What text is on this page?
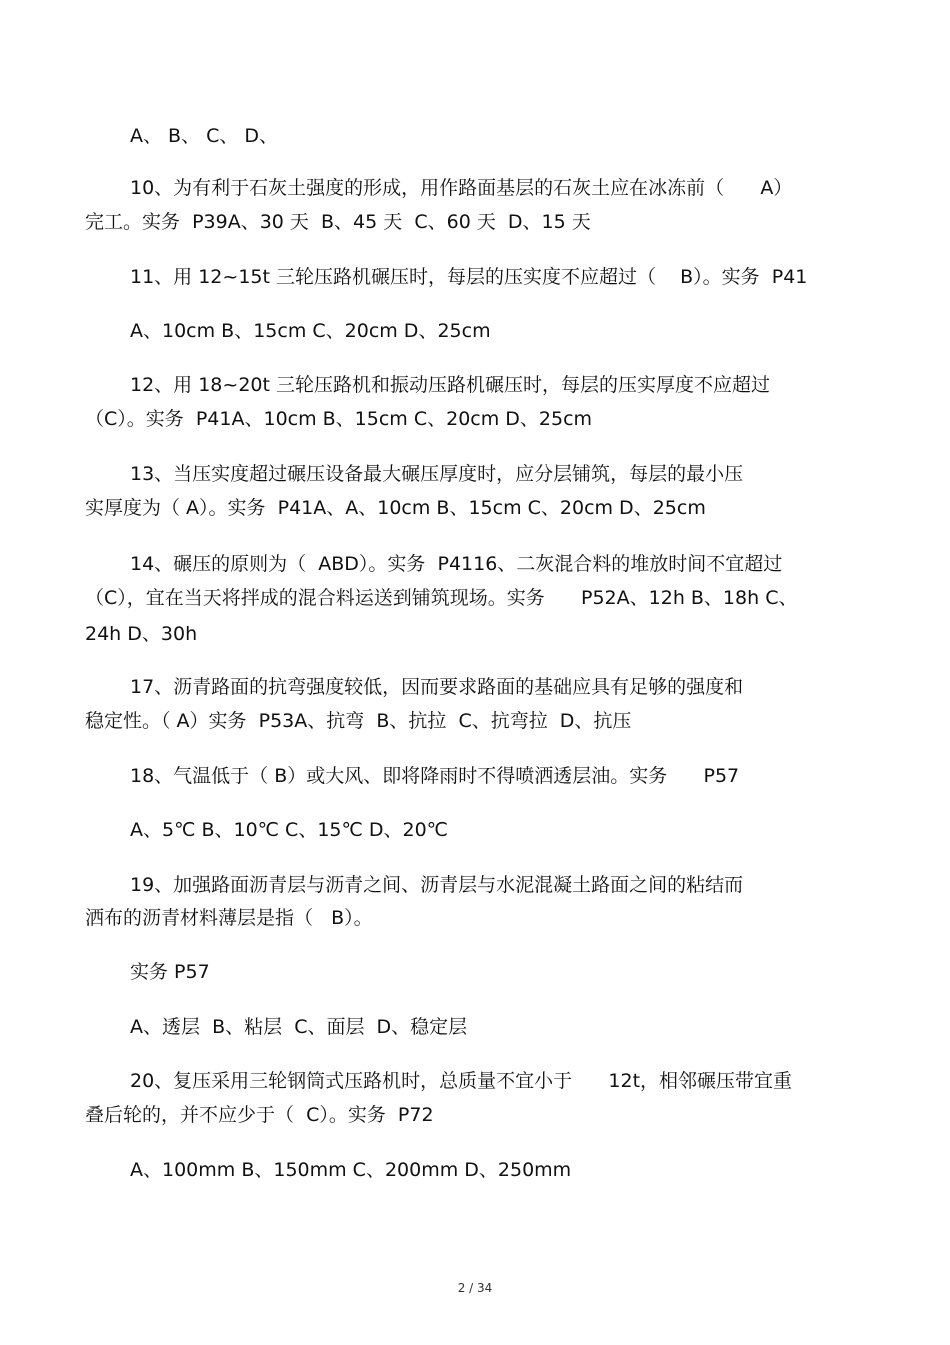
A、 B、 C、 D、
10、为有利于石灰土强度的形成，用作路面基层的石灰土应在冰冻前（      A）
完工。实务  P39A、30 天  B、45 天  C、60 天  D、15 天
11、用 12~15t 三轮压路机碾压时，每层的压实度不应超过（    B）。实务  P41
A、10cm B、15cm C、20cm D、25cm
12、用 18~20t 三轮压路机和振动压路机碾压时，每层的压实厚度不应超过
（C）。实务  P41A、10cm B、15cm C、20cm D、25cm
13、当压实度超过碾压设备最大碾压厚度时，应分层铺筑，每层的最小压
实厚度为（ A）。实务  P41A、A、10cm B、15cm C、20cm D、25cm
14、碾压的原则为（  ABD）。实务  P4116、二灰混合料的堆放时间不宜超过
（C），宜在当天将拌成的混合料运送到铺筑现场。实务      P52A、12h B、18h C、
24h D、30h
17、沥青路面的抗弯强度较低，因而要求路面的基础应具有足够的强度和
稳定性。（ A）实务  P53A、抗弯  B、抗拉  C、抗弯拉  D、抗压
18、气温低于（ B）或大风、即将降雨时不得喷洒透层油。实务      P57
A、5℃ B、10℃ C、15℃ D、20℃
19、加强路面沥青层与沥青之间、沥青层与水泥混凝土路面之间的粘结而
洒布的沥青材料薄层是指（   B）。
实务 P57
A、透层  B、粘层  C、面层  D、稳定层
20、复压采用三轮钢筒式压路机时，总质量不宜小于      12t，相邻碾压带宜重
叠后轮的，并不应少于（  C）。实务  P72
A、100mm B、150mm C、200mm D、250mm
2 / 34
